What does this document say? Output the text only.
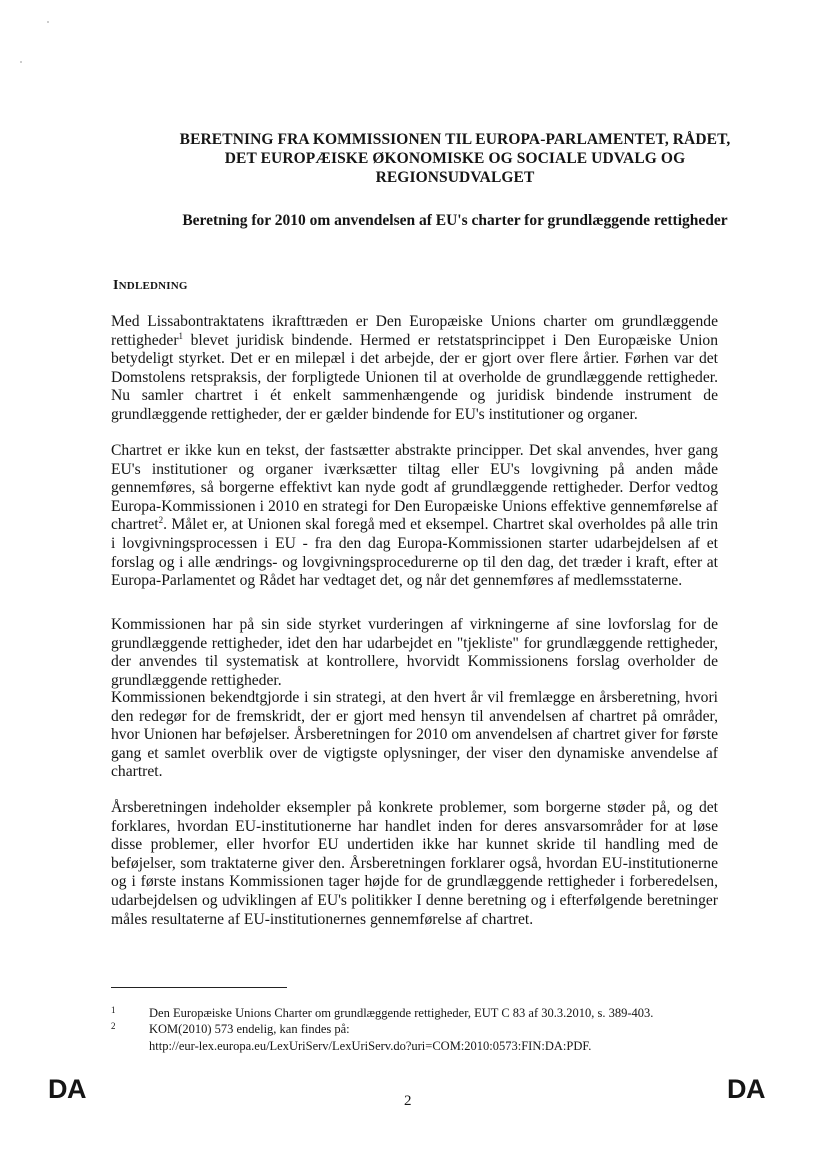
BERETNING FRA KOMMISSIONEN TIL EUROPA-PARLAMENTET, RÅDET,
DET EUROPÆISKE ØKONOMISKE OG SOCIALE UDVALG OG
REGIONSUDVALGET
Beretning for 2010 om anvendelsen af EU's charter for grundlæggende rettigheder
INDLEDNING

Med Lissabontraktatens ikrafttræden er Den Europæiske Unions charter om grundlæggende rettigheder$^1$ blevet juridisk bindende. Hermed er retstatsprincippet i Den Europæiske Union betydeligt styrket. Det er en milepæl i det arbejde, der er gjort over flere årtier. Førhen var det Domstolens retspraksis, der forpligtede Unionen til at overholde de grundlæggende rettigheder. Nu samler chartret i ét enkelt sammenhængende og juridisk bindende instrument de grundlæggende rettigheder, der er gælder bindende for EU's institutioner og organer.

Chartret er ikke kun en tekst, der fastsætter abstrakte principper. Det skal anvendes, hver gang EU's institutioner og organer iværksætter tiltag eller EU's lovgivning på anden måde gennemføres, så borgerne effektivt kan nyde godt af grundlæggende rettigheder. Derfor vedtog Europa-Kommissionen i 2010 en strategi for Den Europæiske Unions effektive gennemførelse af chartret$^2$. Målet er, at Unionen skal foregå med et eksempel. Chartret skal overholdes på alle trin i lovgivningsprocessen i EU - fra den dag Europa-Kommissionen starter udarbejdelsen af et forslag og i alle ændrings- og lovgivningsprocedurerne op til den dag, det træder i kraft, efter at Europa-Parlamentet og Rådet har vedtaget det, og når det gennemføres af medlemsstaterne.

Kommissionen har på sin side styrket vurderingen af virkningerne af sine lovforslag for de grundlæggende rettigheder, idet den har udarbejdet en "tjekliste" for grundlæggende rettigheder, der anvendes til systematisk at kontrollere, hvorvidt Kommissionens forslag overholder de grundlæggende rettigheder.

Kommissionen bekendtgjorde i sin strategi, at den hvert år vil fremlægge en årsberetning, hvori den redegør for de fremskridt, der er gjort med hensyn til anvendelsen af chartret på områder, hvor Unionen har beføjelser. Årsberetningen for 2010 om anvendelsen af chartret giver for første gang et samlet overblik over de vigtigste oplysninger, der viser den dynamiske anvendelse af chartret.

Årsberetningen indeholder eksempler på konkrete problemer, som borgerne støder på, og det forklares, hvordan EU-institutionerne har handlet inden for deres ansvarsområder for at løse disse problemer, eller hvorfor EU undertiden ikke har kunnet skride til handling med de beføjelser, som traktaterne giver den. Årsberetningen forklarer også, hvordan EU-institutionerne og i første instans Kommissionen tager højde for de grundlæggende rettigheder i forberedelsen, udarbejdelsen og udviklingen af EU's politikker I denne beretning og i efterfølgende beretninger måles resultaterne af EU-institutionernes gennemførelse af chartret.

1	Den Europæiske Unions Charter om grundlæggende rettigheder, EUT C 83 af 30.3.2010, s. 389-403.
2	KOM(2010) 573 endelig, kan findes på:
http://eur-lex.europa.eu/LexUriServ/LexUriServ.do?uri=COM:2010:0573:FIN:DA:PDF.
DA	2	DA
